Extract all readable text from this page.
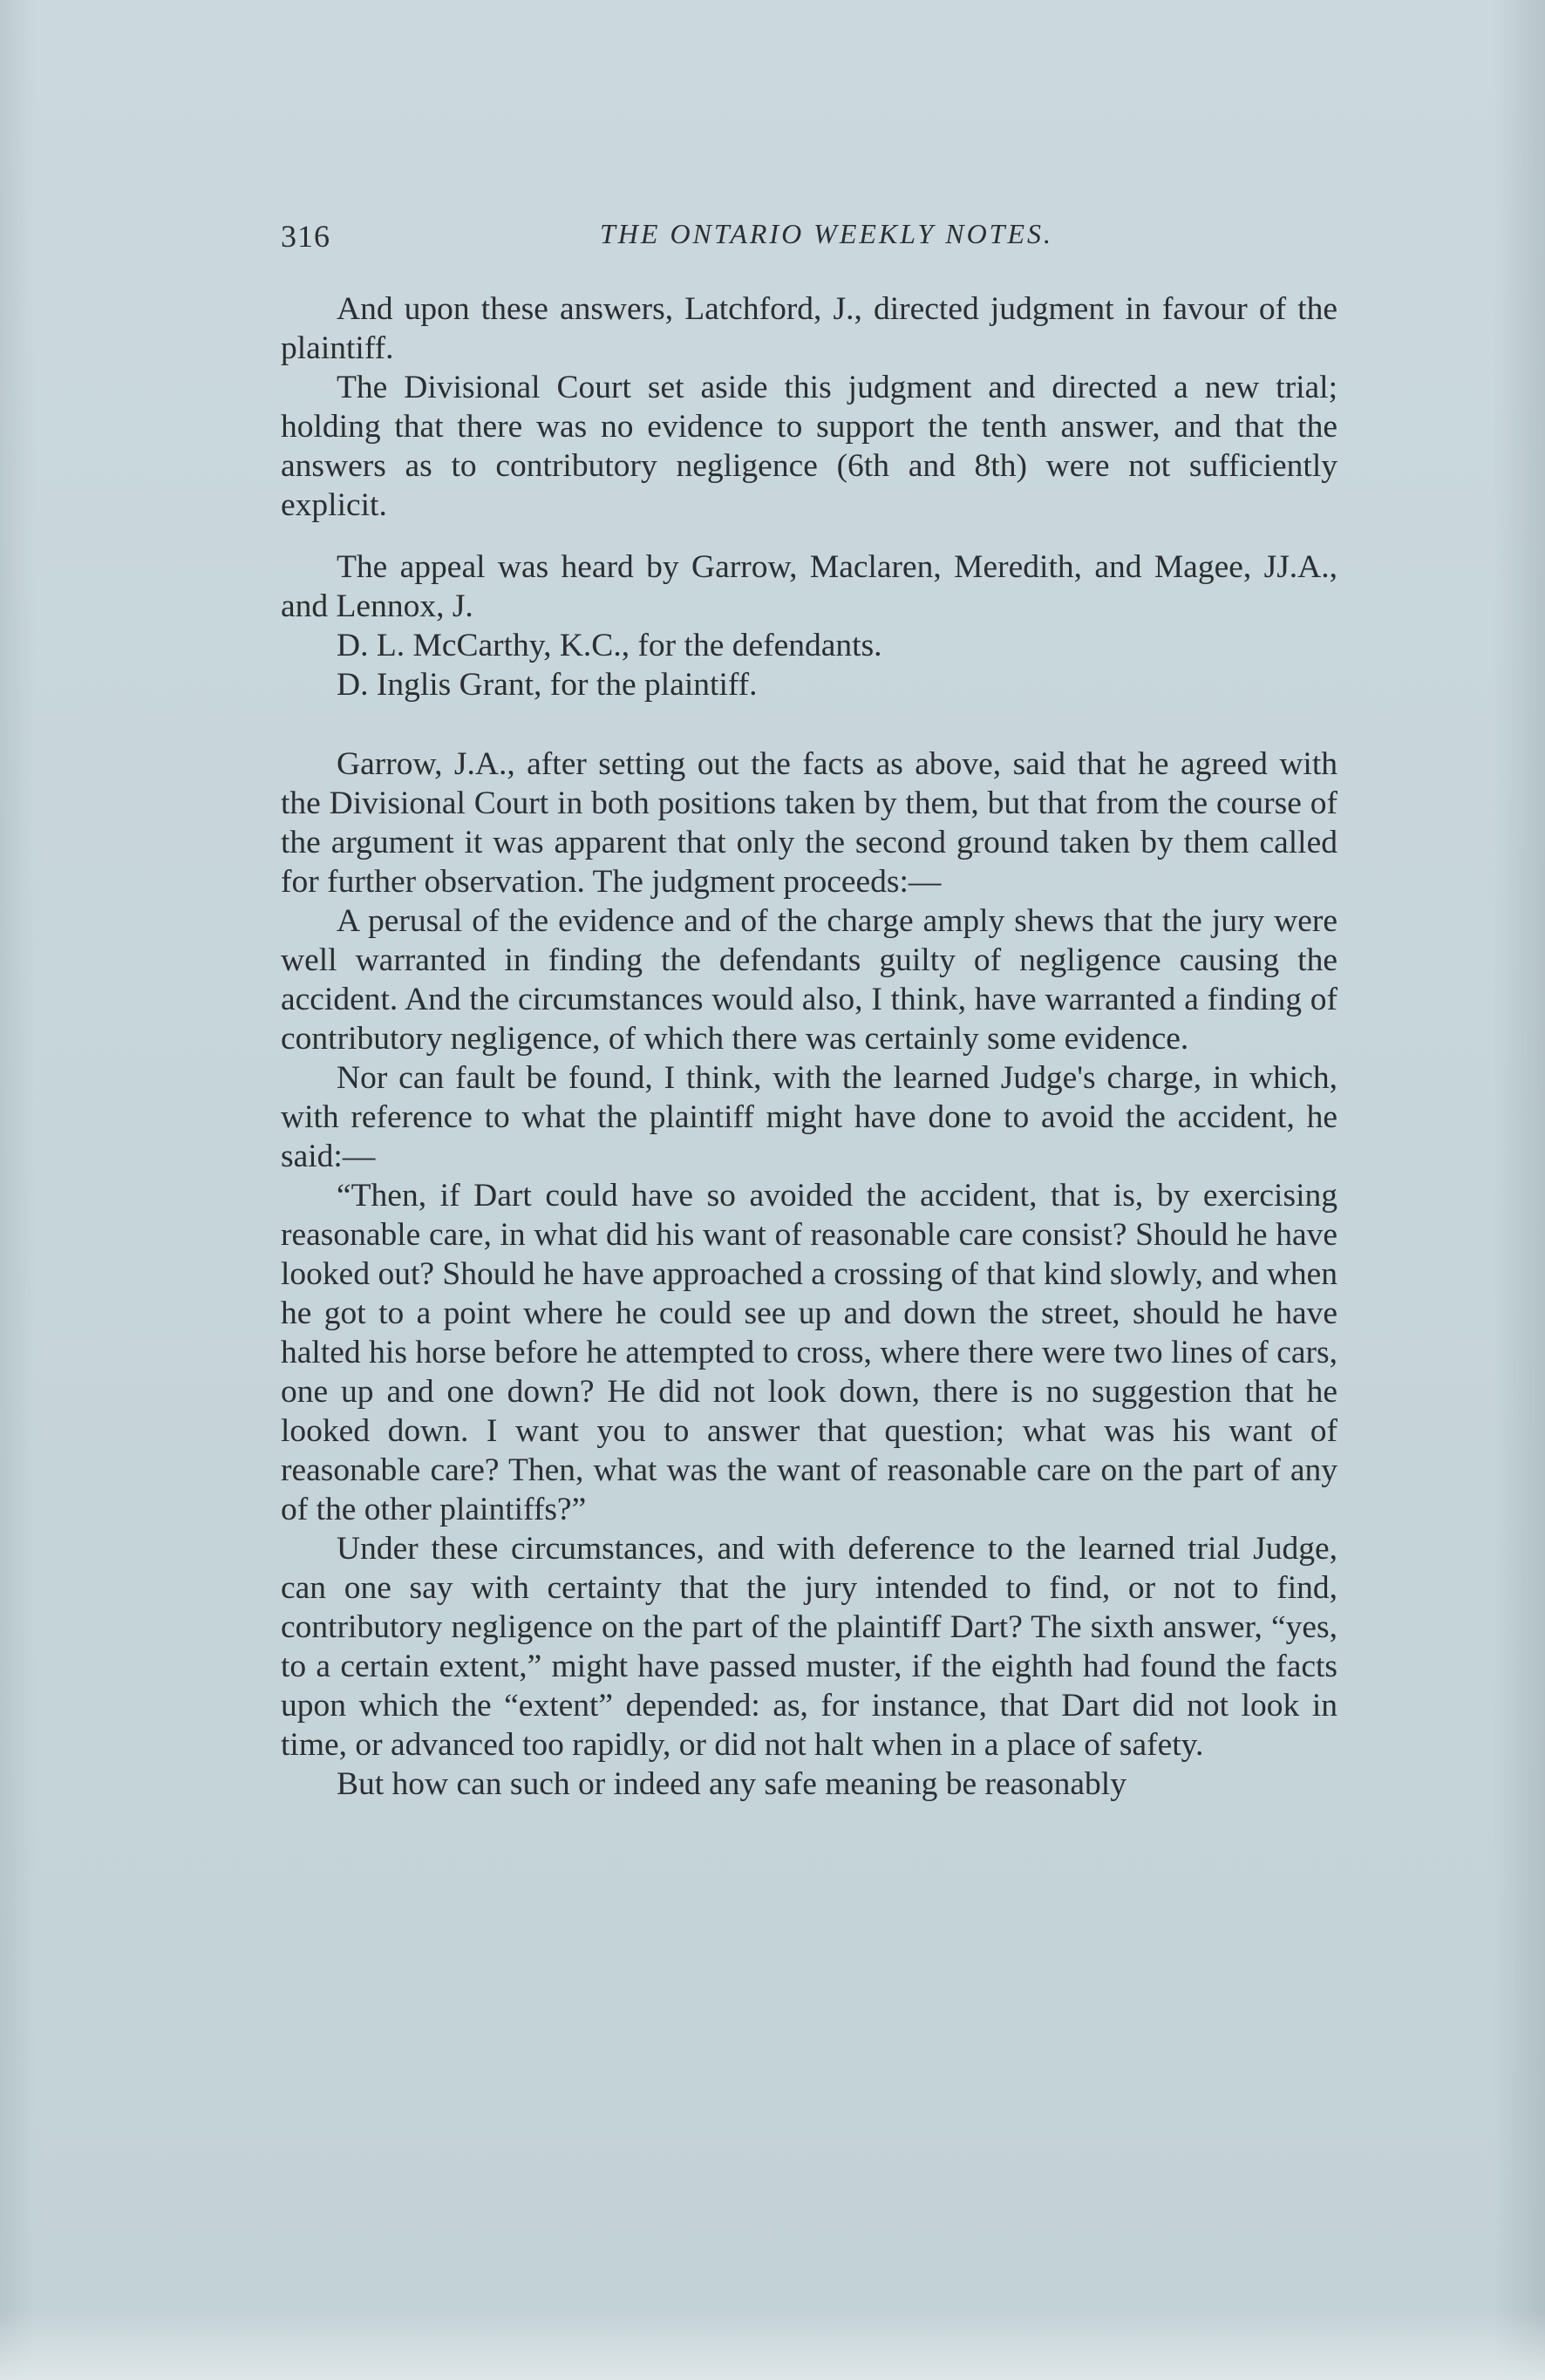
316	THE ONTARIO WEEKLY NOTES.

And upon these answers, Latchford, J., directed judgment in favour of the plaintiff.

The Divisional Court set aside this judgment and directed a new trial; holding that there was no evidence to support the tenth answer, and that the answers as to contributory negligence (6th and 8th) were not sufficiently explicit.

The appeal was heard by Garrow, Maclaren, Meredith, and Magee, JJ.A., and Lennox, J.

D. L. McCarthy, K.C., for the defendants.

D. Inglis Grant, for the plaintiff.

Garrow, J.A., after setting out the facts as above, said that he agreed with the Divisional Court in both positions taken by them, but that from the course of the argument it was apparent that only the second ground taken by them called for further observation. The judgment proceeds:—

A perusal of the evidence and of the charge amply shews that the jury were well warranted in finding the defendants guilty of negligence causing the accident. And the circumstances would also, I think, have warranted a finding of contributory negligence, of which there was certainly some evidence.

Nor can fault be found, I think, with the learned Judge's charge, in which, with reference to what the plaintiff might have done to avoid the accident, he said:—

“Then, if Dart could have so avoided the accident, that is, by exercising reasonable care, in what did his want of reasonable care consist? Should he have looked out? Should he have approached a crossing of that kind slowly, and when he got to a point where he could see up and down the street, should he have halted his horse before he attempted to cross, where there were two lines of cars, one up and one down? He did not look down, there is no suggestion that he looked down. I want you to answer that question; what was his want of reasonable care? Then, what was the want of reasonable care on the part of any of the other plaintiffs?”

Under these circumstances, and with deference to the learned trial Judge, can one say with certainty that the jury intended to find, or not to find, contributory negligence on the part of the plaintiff Dart? The sixth answer, “yes, to a certain extent,” might have passed muster, if the eighth had found the facts upon which the “extent” depended: as, for instance, that Dart did not look in time, or advanced too rapidly, or did not halt when in a place of safety.

But how can such or indeed any safe meaning be reasonably
